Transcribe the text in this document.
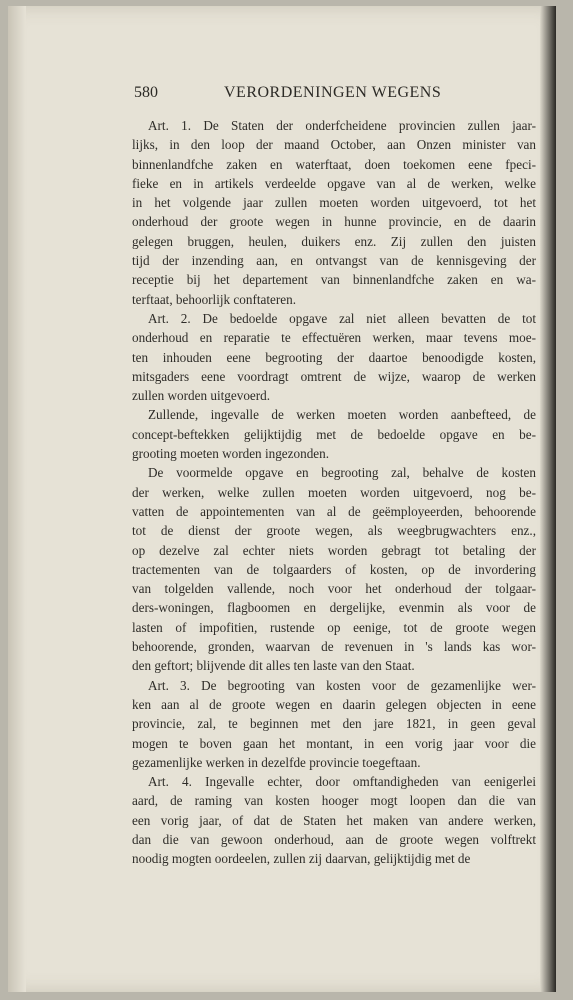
580	VERORDENINGEN WEGENS
Art. 1. De Staten der onderfcheidene provincien zullen jaar-
lijks, in den loop der maand October, aan Onzen minister van
binnenlandfche zaken en waterftaat, doen toekomen eene fpeci-
fieke en in artikels verdeelde opgave van al de werken, welke
in het volgende jaar zullen moeten worden uitgevoerd, tot het
onderhoud der groote wegen in hunne provincie, en de daarin
gelegen bruggen, heulen, duikers enz. Zij zullen den juisten
tijd der inzending aan, en ontvangst van de kennisgeving der
receptie bij het departement van binnenlandfche zaken en wa-
terftaat, behoorlijk conftateren.
Art. 2. De bedoelde opgave zal niet alleen bevatten de tot
onderhoud en reparatie te effectuëren werken, maar tevens moe-
ten inhouden eene begrooting der daartoe benoodigde kosten,
mitsgaders eene voordragt omtrent de wijze, waarop de werken
zullen worden uitgevoerd.
Zullende, ingevalle de werken moeten worden aanbefteed, de
concept-beftekken gelijktijdig met de bedoelde opgave en be-
grooting moeten worden ingezonden.
De voormelde opgave en begrooting zal, behalve de kosten
der werken, welke zullen moeten worden uitgevoerd, nog be-
vatten de appointementen van al de geëmployeerden, behoorende
tot de dienst der groote wegen, als weegbrugwachters enz.,
op dezelve zal echter niets worden gebragt tot betaling der
tractementen van de tolgaarders of kosten, op de invordering
van tolgelden vallende, noch voor het onderhoud der tolgaar-
ders-woningen, flagboomen en dergelijke, evenmin als voor de
lasten of impofitien, rustende op eenige, tot de groote wegen
behoorende, gronden, waarvan de revenuen in 's lands kas wor-
den geftort; blijvende dit alles ten laste van den Staat.
Art. 3. De begrooting van kosten voor de gezamenlijke wer-
ken aan al de groote wegen en daarin gelegen objecten in eene
provincie, zal, te beginnen met den jare 1821, in geen geval
mogen te boven gaan het montant, in een vorig jaar voor die
gezamenlijke werken in dezelfde provincie toegeftaan.
Art. 4. Ingevalle echter, door omftandigheden van eenigerlei
aard, de raming van kosten hooger mogt loopen dan die van
een vorig jaar, of dat de Staten het maken van andere werken,
dan die van gewoon onderhoud, aan de groote wegen volftrekt
noodig mogten oordeelen, zullen zij daarvan, gelijktijdig met de
